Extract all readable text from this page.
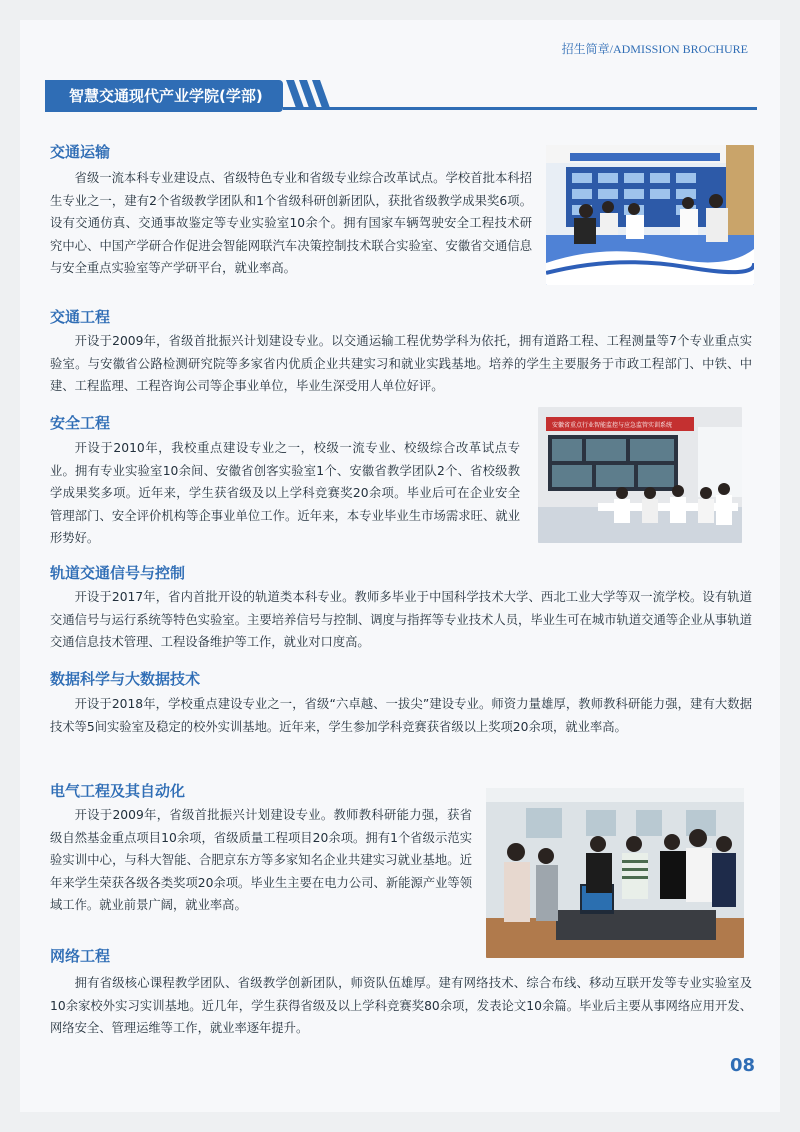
招生简章/ADMISSION BROCHURE
智慧交通现代产业学院(学部)
交通运输
省级一流本科专业建设点、省级特色专业和省级专业综合改革试点。学校首批本科招生专业之一，建有2个省级教学团队和1个省级科研创新团队，获批省级教学成果奖6项。设有交通仿真、交通事故鉴定等专业实验室10余个。拥有国家车辆驾驶安全工程技术研究中心、中国产学研合作促进会智能网联汽车决策控制技术联合实验室、安徽省交通信息与安全重点实验室等产学研平台，就业率高。
交通工程
开设于2009年，省级首批振兴计划建设专业。以交通运输工程优势学科为依托，拥有道路工程、工程测量等7个专业重点实验室。与安徽省公路检测研究院等多家省内优质企业共建实习和就业实践基地。培养的学生主要服务于市政工程部门、中铁、中建、工程监理、工程咨询公司等企事业单位，毕业生深受用人单位好评。
安全工程
开设于2010年，我校重点建设专业之一，校级一流专业、校级综合改革试点专业。拥有专业实验室10余间、安徽省创客实验室1个、安徽省教学团队2个、省校级教学成果奖多项。近年来，学生获省级及以上学科竞赛奖20余项。毕业后可在企业安全管理部门、安全评价机构等企事业单位工作。近年来，本专业毕业生市场需求旺、就业形势好。
安徽省重点行业智能监控与应急监管实训系统
轨道交通信号与控制
开设于2017年，省内首批开设的轨道类本科专业。教师多毕业于中国科学技术大学、西北工业大学等双一流学校。设有轨道交通信号与运行系统等特色实验室。主要培养信号与控制、调度与指挥等专业技术人员，毕业生可在城市轨道交通等企业从事轨道交通信息技术管理、工程设备维护等工作，就业对口度高。
数据科学与大数据技术
开设于2018年，学校重点建设专业之一，省级“六卓越、一拔尖”建设专业。师资力量雄厚，教师教科研能力强，建有大数据技术等5间实验室及稳定的校外实训基地。近年来，学生参加学科竞赛获省级以上奖项20余项，就业率高。
电气工程及其自动化
开设于2009年，省级首批振兴计划建设专业。教师教科研能力强，获省级自然基金重点项目10余项，省级质量工程项目20余项。拥有1个省级示范实验实训中心，与科大智能、合肥京东方等多家知名企业共建实习就业基地。近年来学生荣获各级各类奖项20余项。毕业生主要在电力公司、新能源产业等领域工作。就业前景广阔，就业率高。
网络工程
拥有省级核心课程教学团队、省级教学创新团队，师资队伍雄厚。建有网络技术、综合布线、移动互联开发等专业实验室及10余家校外实习实训基地。近几年，学生获得省级及以上学科竞赛奖80余项，发表论文10余篇。毕业后主要从事网络应用开发、网络安全、管理运维等工作，就业率逐年提升。
08
